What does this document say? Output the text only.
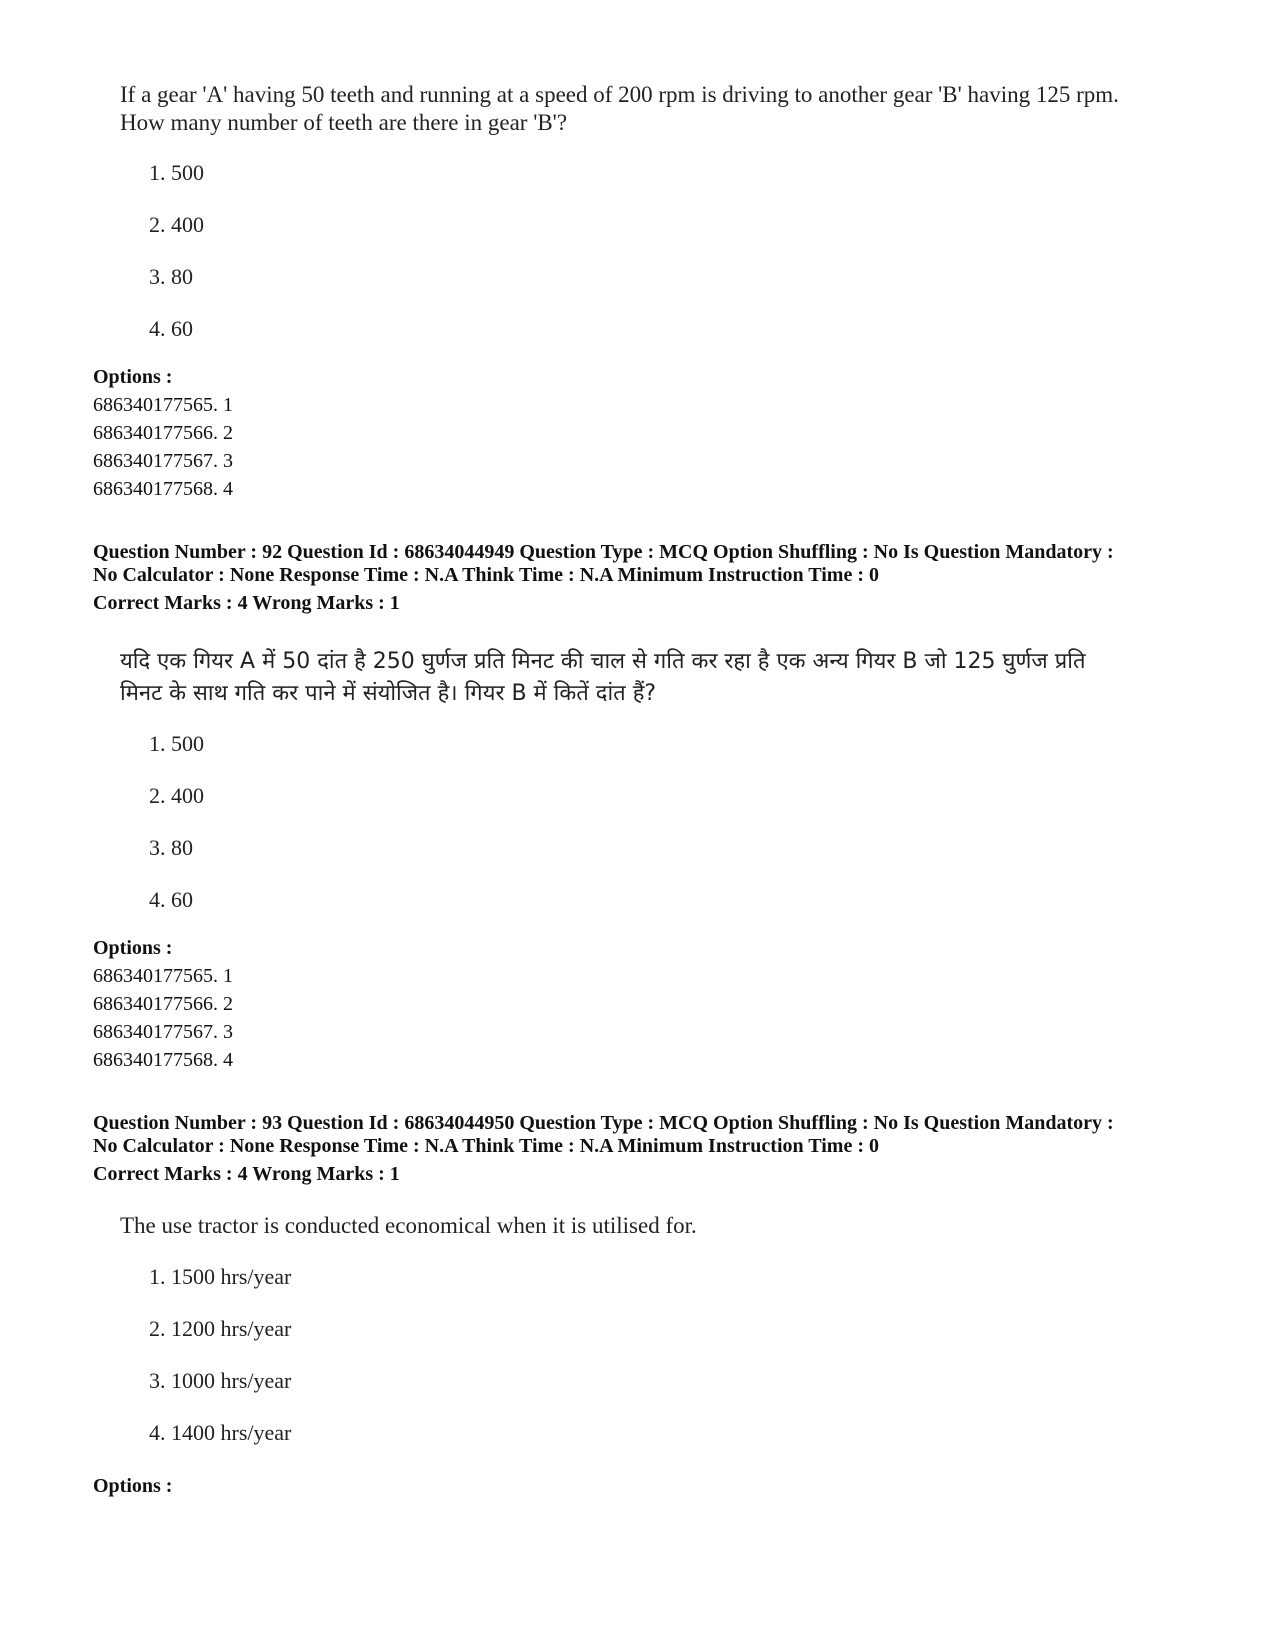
If a gear 'A' having 50 teeth and running at a speed of 200 rpm is driving to another gear 'B' having 125 rpm.
How many number of teeth are there in gear 'B'?
1. 500
2. 400
3. 80
4. 60
Options :
686340177565. 1
686340177566. 2
686340177567. 3
686340177568. 4
Question Number : 92 Question Id : 68634044949 Question Type : MCQ Option Shuffling : No Is Question Mandatory :
No Calculator : None Response Time : N.A Think Time : N.A Minimum Instruction Time : 0
Correct Marks : 4 Wrong Marks : 1
यदि एक गियर A में 50 दांत है 250 घुर्णज प्रति मिनट की चाल से गति कर रहा है एक अन्य गियर B जो 125 घुर्णज प्रति
मिनट के साथ गति कर पाने में संयोजित है। गियर B में कितें दांत हैं?
1. 500
2. 400
3. 80
4. 60
Options :
686340177565. 1
686340177566. 2
686340177567. 3
686340177568. 4
Question Number : 93 Question Id : 68634044950 Question Type : MCQ Option Shuffling : No Is Question Mandatory :
No Calculator : None Response Time : N.A Think Time : N.A Minimum Instruction Time : 0
Correct Marks : 4 Wrong Marks : 1
The use tractor is conducted economical when it is utilised for.
1. 1500 hrs/year
2. 1200 hrs/year
3. 1000 hrs/year
4. 1400 hrs/year
Options :
